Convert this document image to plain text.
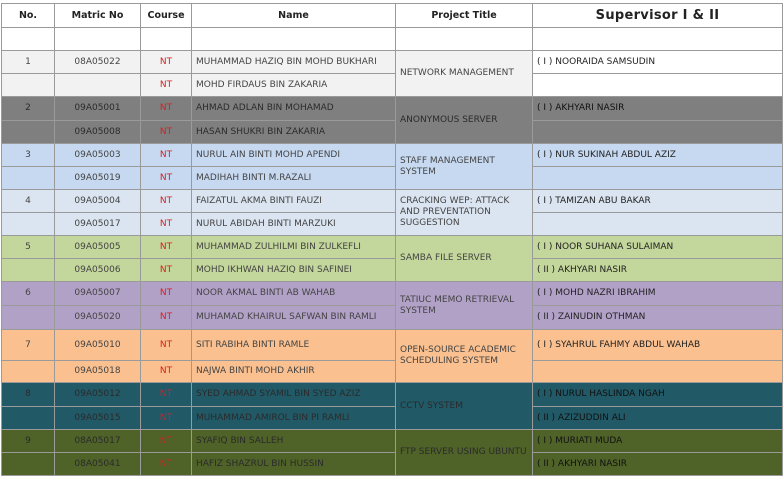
No.	Matric No	Course	Name	Project Title	Supervisor I & II

1	08A05022	NT	MUHAMMAD HAZIQ BIN MOHD BUKHARI	NETWORK MANAGEMENT	( I ) NOORAIDA SAMSUDIN
		NT	MOHD FIRDAUS BIN ZAKARIA		
2	09A05001	NT	AHMAD ADLAN BIN MOHAMAD	ANONYMOUS SERVER	( I ) AKHYARI NASIR
	09A05008	NT	HASAN SHUKRI BIN ZAKARIA		
3	09A05003	NT	NURUL AIN BINTI MOHD APENDI	STAFF MANAGEMENT SYSTEM	( I ) NUR SUKINAH ABDUL AZIZ
	09A05019	NT	MADIHAH BINTI M.RAZALI		
4	09A05004	NT	FAIZATUL AKMA BINTI FAUZI	CRACKING WEP: ATTACK AND PREVENTATION SUGGESTION	( I ) TAMIZAN ABU BAKAR
	09A05017	NT	NURUL ABIDAH BINTI MARZUKI		
5	09A05005	NT	MUHAMMAD ZULHILMI BIN ZULKEFLI	SAMBA FILE SERVER	( I ) NOOR SUHANA SULAIMAN
	09A05006	NT	MOHD IKHWAN HAZIQ BIN SAFINEI		( II ) AKHYARI NASIR
6	09A05007	NT	NOOR AKMAL BINTI AB WAHAB	TATIUC MEMO RETRIEVAL SYSTEM	( I ) MOHD NAZRI IBRAHIM
	09A05020	NT	MUHAMAD KHAIRUL SAFWAN BIN RAMLI		( II ) ZAINUDIN OTHMAN
7	09A05010	NT	SITI RABIHA BINTI RAMLE	OPEN-SOURCE ACADEMIC SCHEDULING SYSTEM	( I ) SYAHRUL FAHMY ABDUL WAHAB
	09A05018	NT	NAJWA BINTI MOHD AKHIR		
8	09A05012	NT	SYED AHMAD SYAMIL BIN SYED AZIZ	CCTV SYSTEM	( I ) NURUL HASLINDA NGAH
	09A05015	NT	MUHAMMAD AMIROL BIN PI RAMLI		( II ) AZIZUDDIN ALI
9	08A05017	NT	SYAFIQ BIN SALLEH	FTP SERVER USING UBUNTU	( I ) MURIATI MUDA
	08A05041	NT	HAFIZ SHAZRUL BIN HUSSIN		( II ) AKHYARI NASIR
